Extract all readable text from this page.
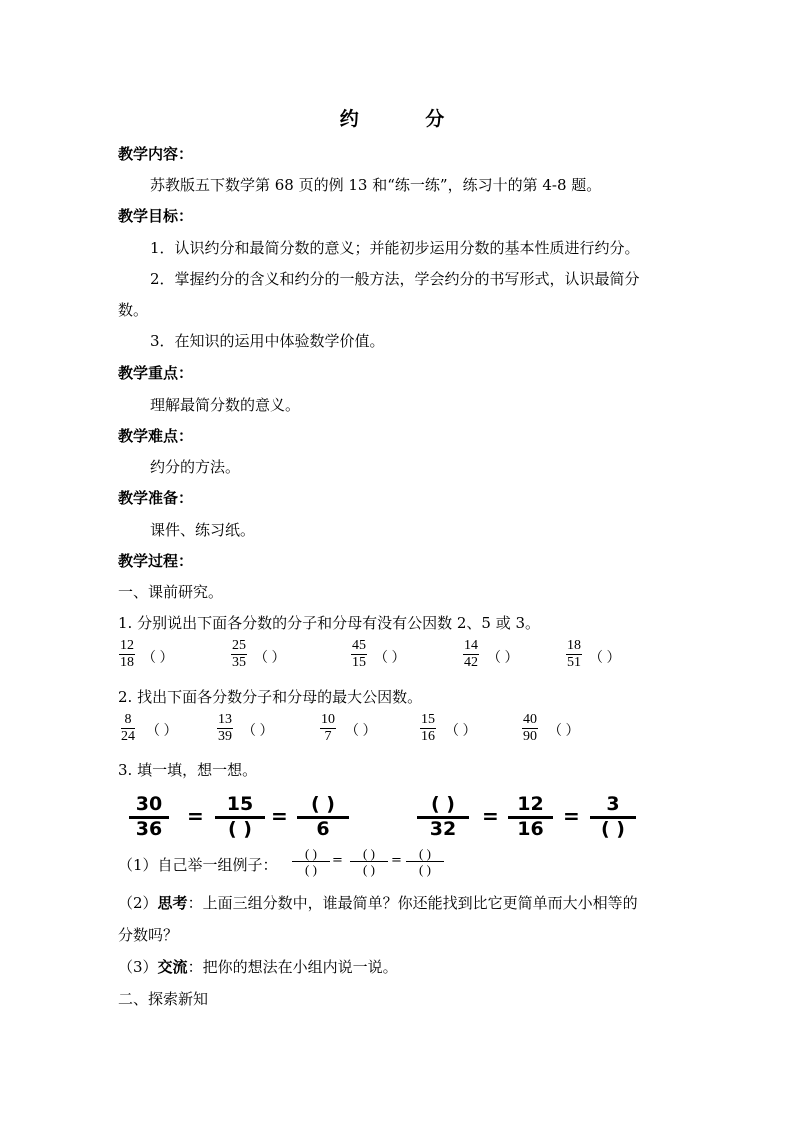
约 分
教学内容：
苏教版五下数学第 68 页的例 13 和“练一练”，练习十的第 4-8 题。
教学目标：
1．认识约分和最简分数的意义；并能初步运用分数的基本性质进行约分。
2．掌握约分的含义和约分的一般方法，学会约分的书写形式，认识最简分
数。
3．在知识的运用中体验数学价值。
教学重点：
理解最简分数的意义。
教学难点：
约分的方法。
教学准备：
课件、练习纸。
教学过程：
一、课前研究。
1. 分别说出下面各分数的分子和分母有没有公因数 2、5 或 3。
$\frac{12}{18}$ （ ）	$\frac{25}{35}$ （ ）	$\frac{45}{15}$ （ ）	$\frac{14}{42}$ （ ）	$\frac{18}{51}$ （ ）
2. 找出下面各分数分子和分母的最大公因数。
$\frac{8}{24}$ （ ）	$\frac{13}{39}$ （ ）	$\frac{10}{7}$ （ ）	$\frac{15}{16}$ （ ）	$\frac{40}{90}$ （ ）
3. 填一填，想一想。
30
36
=	15
( )
=	( )
6
( )
32
= 12
16
=	3
( )
（1）自己举一组例子：
( )
( )
=	( )
( )
=	( )
( )
（2）思考：上面三组分数中，谁最简单？你还能找到比它更简单而大小相等的
分数吗？
（3）交流：把你的想法在小组内说一说。
二、探索新知
